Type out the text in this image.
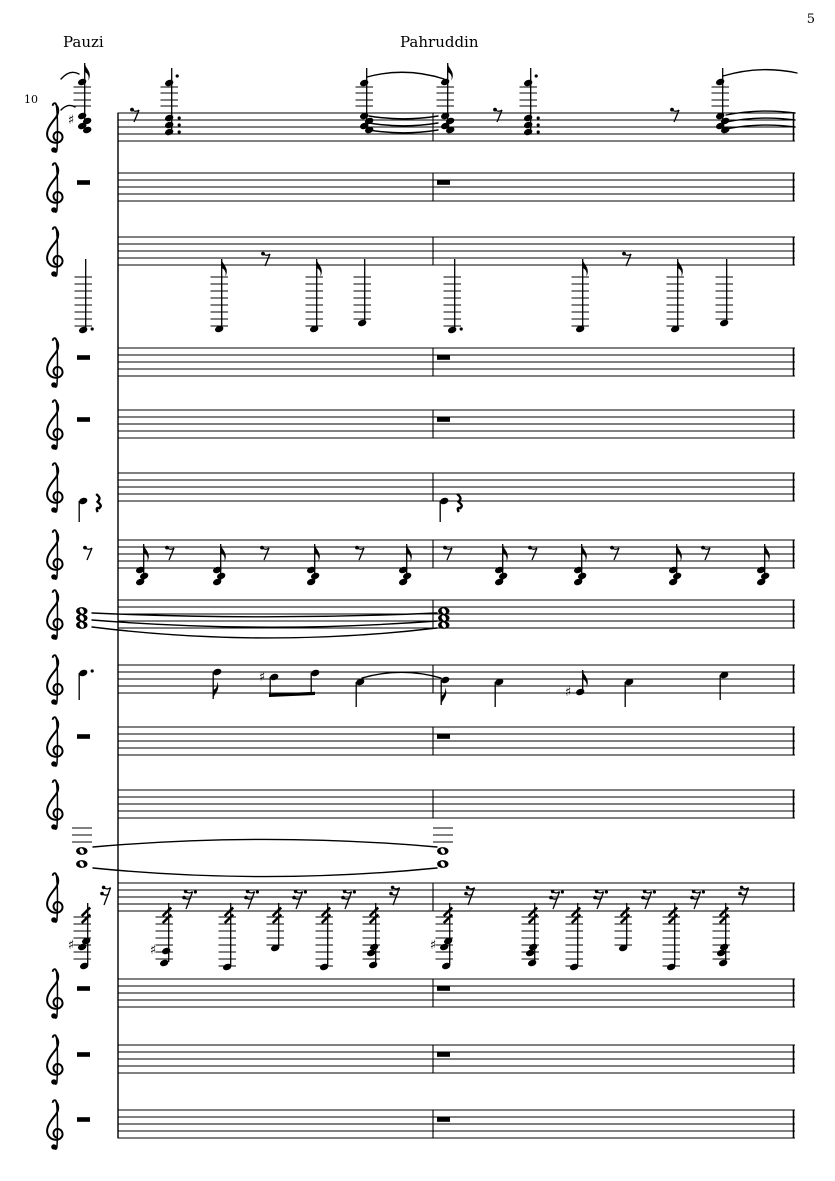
5
Pauzi	Pahruddin
10
♯
♯
♯
♯	♯	♯
